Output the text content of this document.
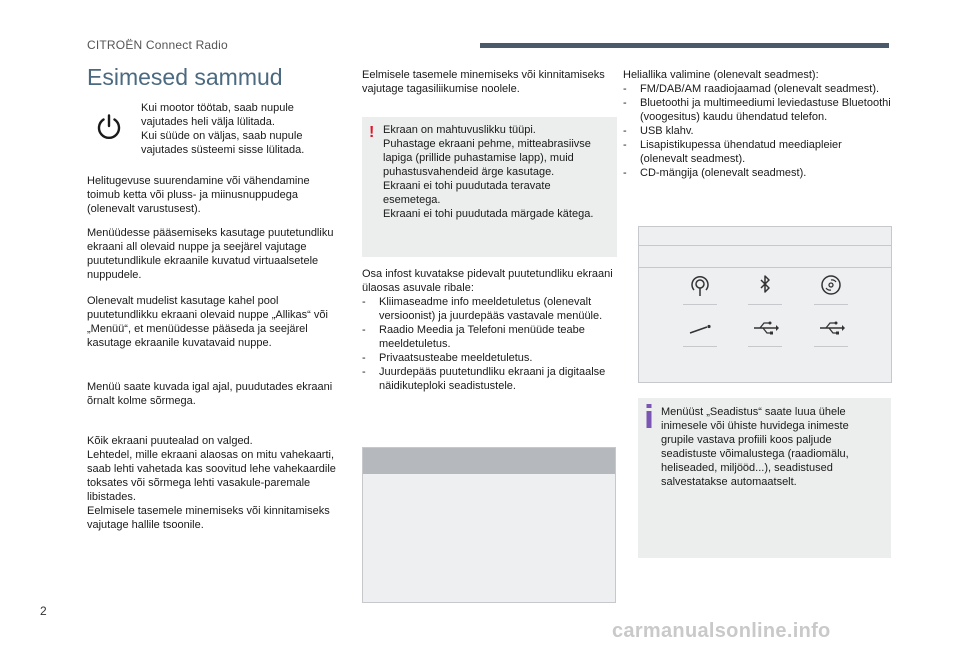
CITROËN Connect Radio
Esimesed sammud

Kui mootor töötab, saab nupule vajutades heli välja lülitada.

Kui süüde on väljas, saab nupule vajutades süsteemi sisse lülitada.

Helitugevuse suurendamine või vähendamine toimub ketta või pluss- ja miinusnuppudega (olenevalt varustusest).

Menüüdesse pääsemiseks kasutage puutetundliku ekraani all olevaid nuppe ja seejärel vajutage puutetundlikule ekraanile kuvatud virtuaalsetele nuppudele.

Olenevalt mudelist kasutage kahel pool puutetundlikku ekraani olevaid nuppe „Allikas“ või „Menüü“, et menüüdesse pääseda ja seejärel kasutage ekraanile kuvatavaid nuppe.

Menüü saate kuvada igal ajal, puudutades ekraani õrnalt kolme sõrmega.

Kõik ekraani puutealad on valged.

Lehtedel, mille ekraani alaosas on mitu vahekaarti, saab lehti vahetada kas soovitud lehe vahekaardile toksates või sõrmega lehti vasakule-paremale libistades.

Eelmisele tasemele minemiseks või kinnitamiseks vajutage hallile tsoonile.

Eelmisele tasemele minemiseks või kinnitamiseks vajutage tagasiliikumise noolele.

! Ekraan on mahtuvuslikku tüüpi.

Puhastage ekraani pehme, mitteabrasiivse lapiga (prillide puhastamise lapp), muid puhastusvahendeid ärge kasutage.

Ekraani ei tohi puudutada teravate esemetega.

Ekraani ei tohi puudutada märgade kätega.

Osa infost kuvatakse pidevalt puutetundliku ekraani ülaosas asuvale ribale:

- Kliimaseadme info meeldetuletus (olenevalt versioonist) ja juurdepääs vastavale menüüle.
- Raadio Meedia ja Telefoni menüüde teabe meeldetuletus.
- Privaatsusteabe meeldetuletus.
- Juurdepääs puutetundliku ekraani ja digitaalse näidikuteploki seadistustele.

Heliallika valimine (olenevalt seadmest):

- FM/DAB/AM raadiojaamad (olenevalt seadmest).
- Bluetoothi ja multimeediumi leviedastuse Bluetoothi (voogesitus) kaudu ühendatud telefon.
- USB klahv.
- Lisapistikupessa ühendatud meediapleier (olenevalt seadmest).
- CD-mängija (olenevalt seadmest).

Menüüst „Seadistus“ saate luua ühele inimesele või ühiste huvidega inimeste grupile vastava profiili koos paljude seadistuste võimalustega (raadiomälu, heliseaded, miljööd...), seadistused salvestatakse automaatselt.

2
carmanualsonline.info
